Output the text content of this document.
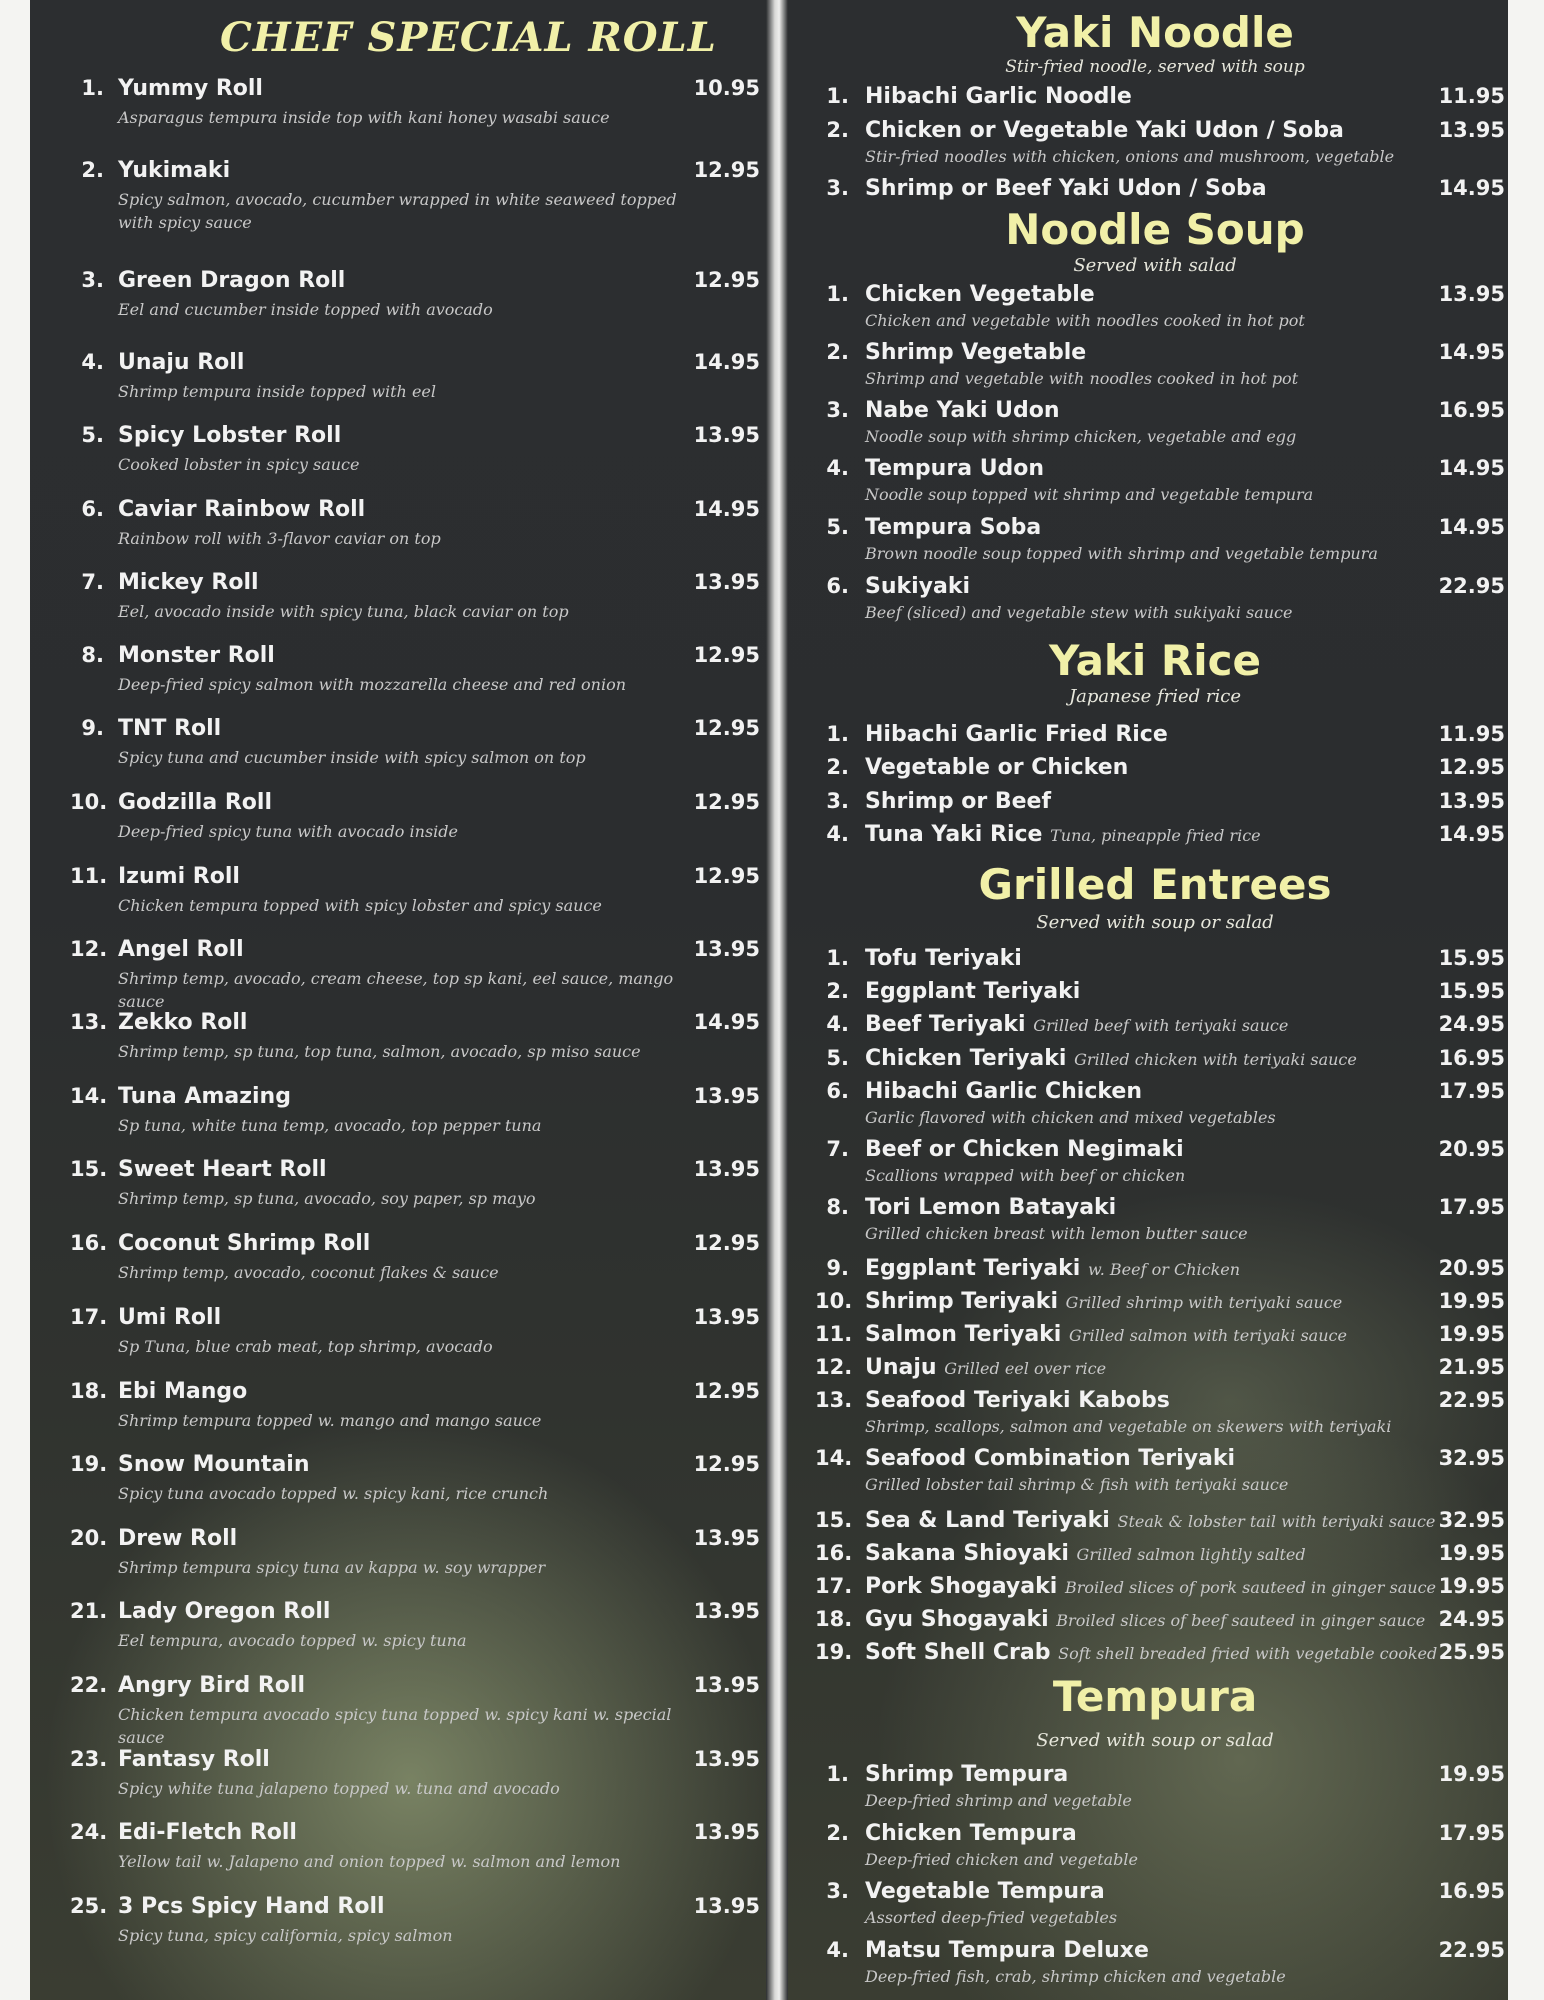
CHEF SPECIAL ROLL
1. Yummy Roll	10.95
Asparagus tempura inside top with kani honey wasabi sauce
2. Yukimaki	12.95
Spicy salmon, avocado, cucumber wrapped in white seaweed topped with spicy sauce
3. Green Dragon Roll	12.95
Eel and cucumber inside topped with avocado
4. Unaju Roll	14.95
Shrimp tempura inside topped with eel
5. Spicy Lobster Roll	13.95
Cooked lobster in spicy sauce
6. Caviar Rainbow Roll	14.95
Rainbow roll with 3-flavor caviar on top
7. Mickey Roll	13.95
Eel, avocado inside with spicy tuna, black caviar on top
8. Monster Roll	12.95
Deep-fried spicy salmon with mozzarella cheese and red onion
9. TNT Roll	12.95
Spicy tuna and cucumber inside with spicy salmon on top
10. Godzilla Roll	12.95
Deep-fried spicy tuna with avocado inside
11. Izumi Roll	12.95
Chicken tempura topped with spicy lobster and spicy sauce
12. Angel Roll	13.95
Shrimp temp, avocado, cream cheese, top sp kani, eel sauce, mango sauce
13. Zekko Roll	14.95
Shrimp temp, sp tuna, top tuna, salmon, avocado, sp miso sauce
14. Tuna Amazing	13.95
Sp tuna, white tuna temp, avocado, top pepper tuna
15. Sweet Heart Roll	13.95
Shrimp temp, sp tuna, avocado, soy paper, sp mayo
16. Coconut Shrimp Roll	12.95
Shrimp temp, avocado, coconut flakes & sauce
17. Umi Roll	13.95
Sp Tuna, blue crab meat, top shrimp, avocado
18. Ebi Mango	12.95
Shrimp tempura topped w. mango and mango sauce
19. Snow Mountain	12.95
Spicy tuna avocado topped w. spicy kani, rice crunch
20. Drew Roll	13.95
Shrimp tempura spicy tuna av kappa w. soy wrapper
21. Lady Oregon Roll	13.95
Eel tempura, avocado topped w. spicy tuna
22. Angry Bird Roll	13.95
Chicken tempura avocado spicy tuna topped w. spicy kani w. special sauce
23. Fantasy Roll	13.95
Spicy white tuna jalapeno topped w. tuna and avocado
24. Edi-Fletch Roll	13.95
Yellow tail w. Jalapeno and onion topped w. salmon and lemon
25. 3 Pcs Spicy Hand Roll	13.95
Spicy tuna, spicy california, spicy salmon
Yaki Noodle
Stir-fried noodle, served with soup
1. Hibachi Garlic Noodle	11.95
2. Chicken or Vegetable Yaki Udon / Soba	13.95
Stir-fried noodles with chicken, onions and mushroom, vegetable
3. Shrimp or Beef Yaki Udon / Soba	14.95
Noodle Soup
Served with salad
1. Chicken Vegetable	13.95
Chicken and vegetable with noodles cooked in hot pot
2. Shrimp Vegetable	14.95
Shrimp and vegetable with noodles cooked in hot pot
3. Nabe Yaki Udon	16.95
Noodle soup with shrimp chicken, vegetable and egg
4. Tempura Udon	14.95
Noodle soup topped wit shrimp and vegetable tempura
5. Tempura Soba	14.95
Brown noodle soup topped with shrimp and vegetable tempura
6. Sukiyaki	22.95
Beef (sliced) and vegetable stew with sukiyaki sauce
Yaki Rice
Japanese fried rice
1. Hibachi Garlic Fried Rice	11.95
2. Vegetable or Chicken	12.95
3. Shrimp or Beef	13.95
4. Tuna Yaki Rice Tuna, pineapple fried rice	14.95
Grilled Entrees
Served with soup or salad
1. Tofu Teriyaki	15.95
2. Eggplant Teriyaki	15.95
4. Beef Teriyaki Grilled beef with teriyaki sauce	24.95
5. Chicken Teriyaki Grilled chicken with teriyaki sauce	16.95
6. Hibachi Garlic Chicken	17.95
Garlic flavored with chicken and mixed vegetables
7. Beef or Chicken Negimaki	20.95
Scallions wrapped with beef or chicken
8. Tori Lemon Batayaki	17.95
Grilled chicken breast with lemon butter sauce
9. Eggplant Teriyaki w. Beef or Chicken	20.95
10. Shrimp Teriyaki Grilled shrimp with teriyaki sauce	19.95
11. Salmon Teriyaki Grilled salmon with teriyaki sauce	19.95
12. Unaju Grilled eel over rice	21.95
13. Seafood Teriyaki Kabobs	22.95
Shrimp, scallops, salmon and vegetable on skewers with teriyaki
14. Seafood Combination Teriyaki	32.95
Grilled lobster tail shrimp & fish with teriyaki sauce
15. Sea & Land Teriyaki Steak & lobster tail with teriyaki sauce 32.95
16. Sakana Shioyaki Grilled salmon lightly salted	19.95
17. Pork Shogayaki Broiled slices of pork sauteed in ginger sauce 19.95
18. Gyu Shogayaki Broiled slices of beef sauteed in ginger sauce 24.95
19. Soft Shell Crab Soft shell breaded fried with vegetable cooked 25.95
Tempura
Served with soup or salad
1. Shrimp Tempura	19.95
Deep-fried shrimp and vegetable
2. Chicken Tempura	17.95
Deep-fried chicken and vegetable
3. Vegetable Tempura	16.95
Assorted deep-fried vegetables
4. Matsu Tempura Deluxe	22.95
Deep-fried fish, crab, shrimp chicken and vegetable
